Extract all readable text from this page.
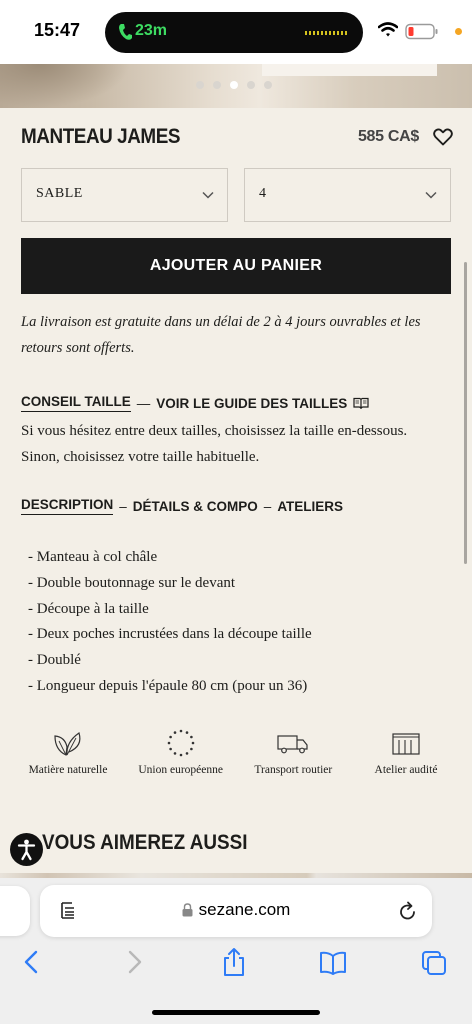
15:47	23m
MANTEAU JAMES	585 CA$
SABLE	4
AJOUTER AU PANIER

La livraison est gratuite dans un délai de 2 à 4 jours ouvrables et les retours sont offerts.

CONSEIL TAILLE — VOIR LE GUIDE DES TAILLES

Si vous hésitez entre deux tailles, choisissez la taille en-dessous. Sinon, choisissez votre taille habituelle.

DESCRIPTION – DÉTAILS & COMPO – ATELIERS
- Manteau à col châle
- Double boutonnage sur le devant
- Découpe à la taille
- Deux poches incrustées dans la découpe taille
- Doublé
- Longueur depuis l'épaule 80 cm (pour un 36)
Matière naturelle	Union européenne	Transport routier	Atelier audité
VOUS AIMEREZ AUSSI
sezane.com
